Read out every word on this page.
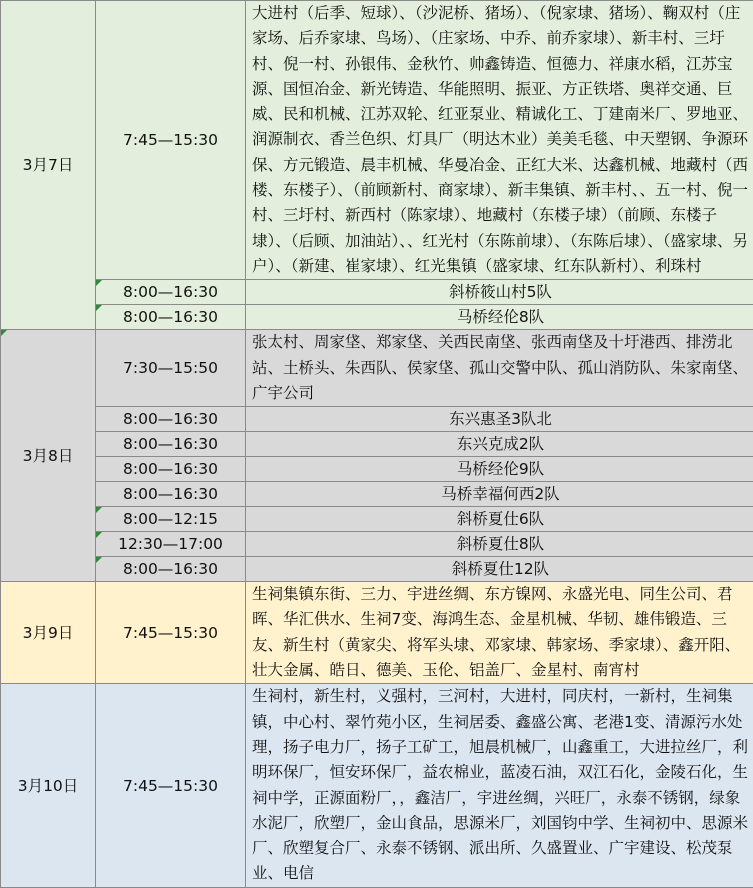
3月7日	7:45—15:30	大进村（后季、短球）、（沙泥桥、猪场）、（倪家埭、猪场）、鞠双村（庄家场、后乔家埭、鸟场）、（庄家场、中乔、前乔家埭）、新丰村、三圩村、倪一村、孙银伟、金秋竹、帅鑫铸造、恒德力、祥康水稻，江苏宝源、国恒冶金、新光铸造、华能照明、振亚、方正铁塔、奥祥交通、巨威、民和机械、江苏双轮、红亚泵业、精诚化工、丁建南米厂、罗地亚、润源制衣、香兰色织、灯具厂（明达木业）美美毛毯、中天塑钢、争源环保、方元锻造、晨丰机械、华曼冶金、正红大米、达鑫机械、地藏村（西楼、东楼子）、（前顾新村、商家埭）、新丰集镇、新丰村、、五一村、倪一村、三圩村、新西村（陈家埭）、地藏村（东楼子埭）（前顾、东楼子埭）、（后顾、加油站）、、红光村（东陈前埭）、（东陈后埭）、（盛家埭、另户）、（新建、崔家埭）、红光集镇（盛家埭、红东队新村）、利珠村
	8:00—16:30	斜桥筱山村5队
	8:00—16:30	马桥经伦8队
3月8日	7:30—15:50	张太村、周家垡、郑家垡、关西民南垡、张西南垡及十圩港西、排涝北站、土桥头、朱西队、侯家垡、孤山交警中队、孤山消防队、朱家南垡、广宇公司
	8:00—16:30	东兴惠圣3队北
	8:00—16:30	东兴克成2队
	8:00—16:30	马桥经伦9队
	8:00—16:30	马桥幸福何西2队
	8:00—12:15	斜桥夏仕6队
	12:30—17:00	斜桥夏仕8队
	8:00—16:30	斜桥夏仕12队
3月9日	7:45—15:30	生祠集镇东街、三力、宇进丝绸、东方镍网、永盛光电、同生公司、君晖、华汇供水、生祠7变、海鸿生态、金星机械、华韧、雄伟锻造、三友、新生村（黄家尖、将军头埭、邓家埭、韩家场、季家埭）、鑫开阳、壮大金属、皓日、德美、玉伦、铝盖厂、金星村、南宵村
3月10日	7:45—15:30	生祠村，新生村，义强村，三河村，大进村，同庆村，一新村，生祠集镇，中心村、翠竹苑小区，生祠居委、鑫盛公寓、老港1变、清源污水处理，扬子电力厂，扬子工矿工，旭晨机械厂，山鑫重工，大进拉丝厂，利明环保厂，恒安环保厂，益农棉业，蓝凌石油，双江石化，金陵石化，生祠中学，正源面粉厂，，鑫洁厂，宇进丝绸，兴旺厂，永泰不锈钢，绿象水泥厂，欣塑厂，金山食品，思源米厂，刘国钧中学、生祠初中、思源米厂、欣塑复合厂、永泰不锈钢、派出所、久盛置业、广宇建设、松茂泵业、电信
